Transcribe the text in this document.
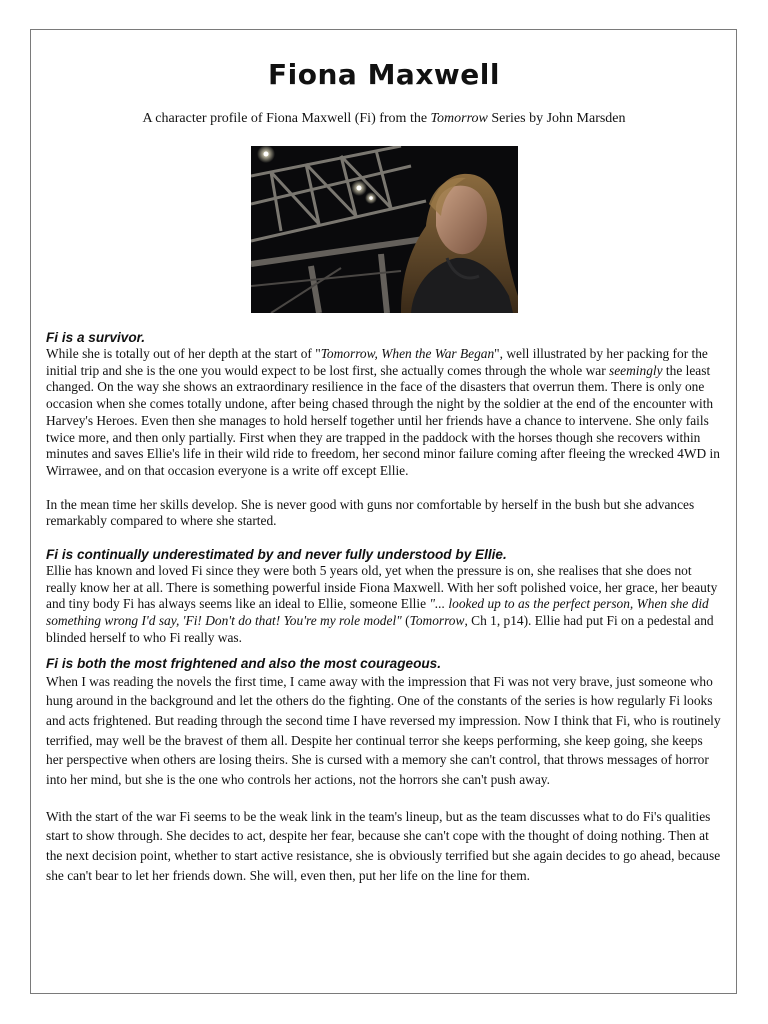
Fiona Maxwell
A character profile of Fiona Maxwell (Fi) from the Tomorrow Series by John Marsden
Fi is a survivor.

While she is totally out of her depth at the start of "Tomorrow, When the War Began", well illustrated by her packing for the initial trip and she is the one you would expect to be lost first, she actually comes through the whole war seemingly the least changed. On the way she shows an extraordinary resilience in the face of the disasters that overrun them. There is only one occasion when she comes totally undone, after being chased through the night by the soldier at the end of the encounter with Harvey's Heroes. Even then she manages to hold herself together until her friends have a chance to intervene. She only fails twice more, and then only partially. First when they are trapped in the paddock with the horses though she recovers within minutes and saves Ellie's life in their wild ride to freedom, her second minor failure coming after fleeing the wrecked 4WD in Wirrawee, and on that occasion everyone is a write off except Ellie.

In the mean time her skills develop. She is never good with guns nor comfortable by herself in the bush but she advances remarkably compared to where she started.

Fi is continually underestimated by and never fully understood by Ellie.

Ellie has known and loved Fi since they were both 5 years old, yet when the pressure is on, she realises that she does not really know her at all. There is something powerful inside Fiona Maxwell. With her soft polished voice, her grace, her beauty and tiny body Fi has always seems like an ideal to Ellie, someone Ellie "... looked up to as the perfect person, When she did something wrong I'd say, 'Fi! Don't do that! You're my role model" (Tomorrow, Ch 1, p14). Ellie had put Fi on a pedestal and blinded herself to who Fi really was.

Fi is both the most frightened and also the most courageous.

When I was reading the novels the first time, I came away with the impression that Fi was not very brave, just someone who hung around in the background and let the others do the fighting. One of the constants of the series is how regularly Fi looks and acts frightened. But reading through the second time I have reversed my impression. Now I think that Fi, who is routinely terrified, may well be the bravest of them all. Despite her continual terror she keeps performing, she keep going, she keeps her perspective when others are losing theirs. She is cursed with a memory she can't control, that throws messages of horror into her mind, but she is the one who controls her actions, not the horrors she can't push away.

With the start of the war Fi seems to be the weak link in the team's lineup, but as the team discusses what to do Fi's qualities start to show through. She decides to act, despite her fear, because she can't cope with the thought of doing nothing. Then at the next decision point, whether to start active resistance, she is obviously terrified but she again decides to go ahead, because she can't bear to let her friends down. She will, even then, put her life on the line for them.
